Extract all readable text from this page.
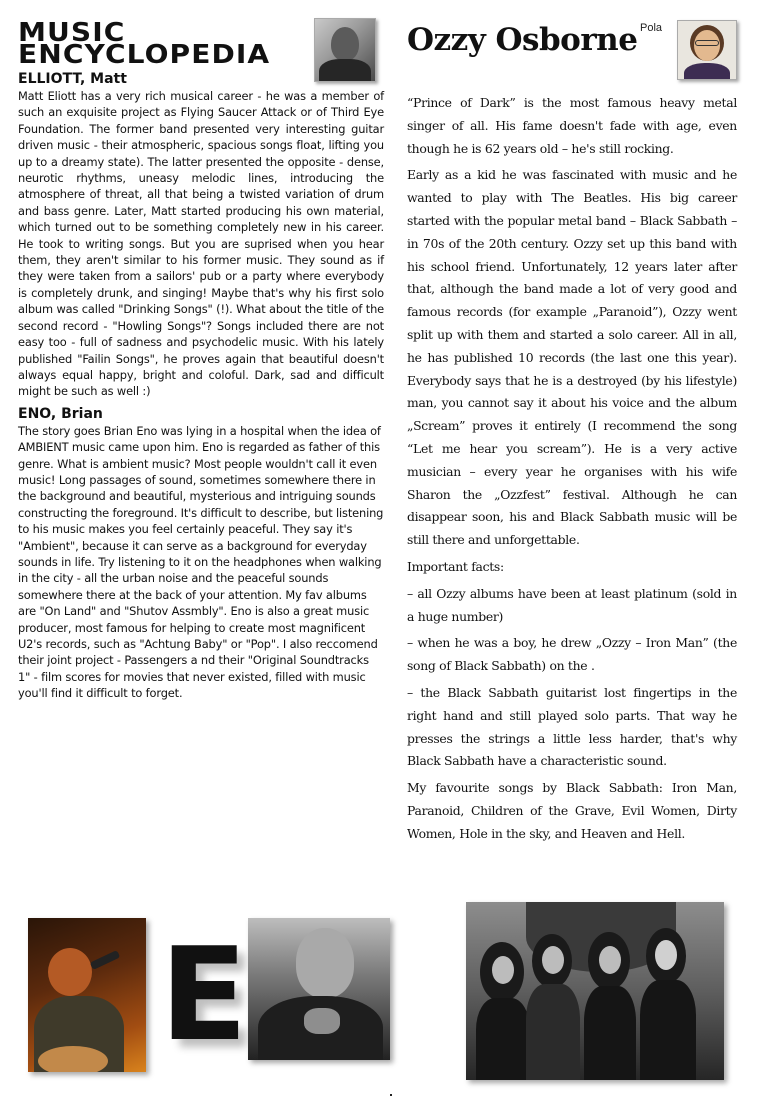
MUSIC
ENCYCLOPEDIA
ELLIOTT, Matt

Matt Eliott has a very rich musical career - he was a member of such an exquisite project as Flying Saucer Attack or of Third Eye Foundation. The former band presented very interesting guitar driven music - their atmospheric, spacious songs float, lifting you up to a dreamy state). The latter presented the opposite - dense, neurotic rhythms, uneasy melodic lines, introducing the atmosphere of threat, all that being a twisted variation of drum and bass genre. Later, Matt started producing his own material, which turned out to be something completely new in his career. He took to writing songs. But you are suprised when you hear them, they aren't similar to his former music. They sound as if they were taken from a sailors' pub or a party where everybody is completely drunk, and singing! Maybe that's why his first solo album was called "Drinking Songs" (!). What about the title of the second record - "Howling Songs"? Songs included there are not easy too - full of sadness and psychodelic music. With his lately published "Failin Songs", he proves again that beautiful doesn't always equal happy, bright and coloful. Dark, sad and difficult might be such as well :)

ENO, Brian

The story goes Brian Eno was lying in a hospital when the idea of AMBIENT music came upon him. Eno is regarded as father of this genre. What is ambient music? Most people wouldn't call it even music! Long passages of sound, sometimes somewhere there in the background and beautiful, mysterious and intriguing sounds constructing the foreground. It's difficult to describe, but listening to his music makes you feel certainly peaceful. They say it's "Ambient", because it can serve as a background for everyday sounds in life. Try listening to it on the headphones when walking in the city - all the urban noise and the peaceful sounds somewhere there at the back of your attention. My fav albums are "On Land" and "Shutov Assmbly". Eno is also a great music producer, most famous for helping to create most magnificent U2's records, such as "Achtung Baby" or "Pop". I also reccomend their joint project - Passengers a nd their "Original Soundtracks 1" - film scores for movies that never existed, filled with music you'll find it difficult to forget.

Ozzy Osborne Pola

“Prince of Dark” is the most famous heavy metal singer of all. His fame doesn't fade with age, even though he is 62 years old – he's still rocking.

Early as a kid he was fascinated with music and he wanted to play with The Beatles. His big career started with the popular metal band – Black Sabbath – in 70s of the 20th century. Ozzy set up this band with his school friend. Unfortunately, 12 years later after that, although the band made a lot of very good and famous records (for example „Paranoid”), Ozzy went split up with them and started a solo career. All in all, he has published 10 records (the last one this year). Everybody says that he is a destroyed (by his lifestyle) man, you cannot say it about his voice and the album „Scream” proves it entirely (I recommend the song “Let me hear you scream”). He is a very active musician – every year he organises with his wife Sharon the „Ozzfest” festival. Although he can disappear soon, his and Black Sabbath music will be still there and unforgettable.

Important facts:

– all Ozzy albums have been at least platinum (sold in a huge number)

– when he was a boy, he drew „Ozzy – Iron Man” (the song of Black Sabbath) on the .

– the Black Sabbath guitarist lost fingertips in the right hand and still played solo parts. That way he presses the strings a little less harder, that's why Black Sabbath have a characteristic sound.

My favourite songs by Black Sabbath: Iron Man, Paranoid, Children of the Grave, Evil Women, Dirty Women, Hole in the sky, and Heaven and Hell.

E
